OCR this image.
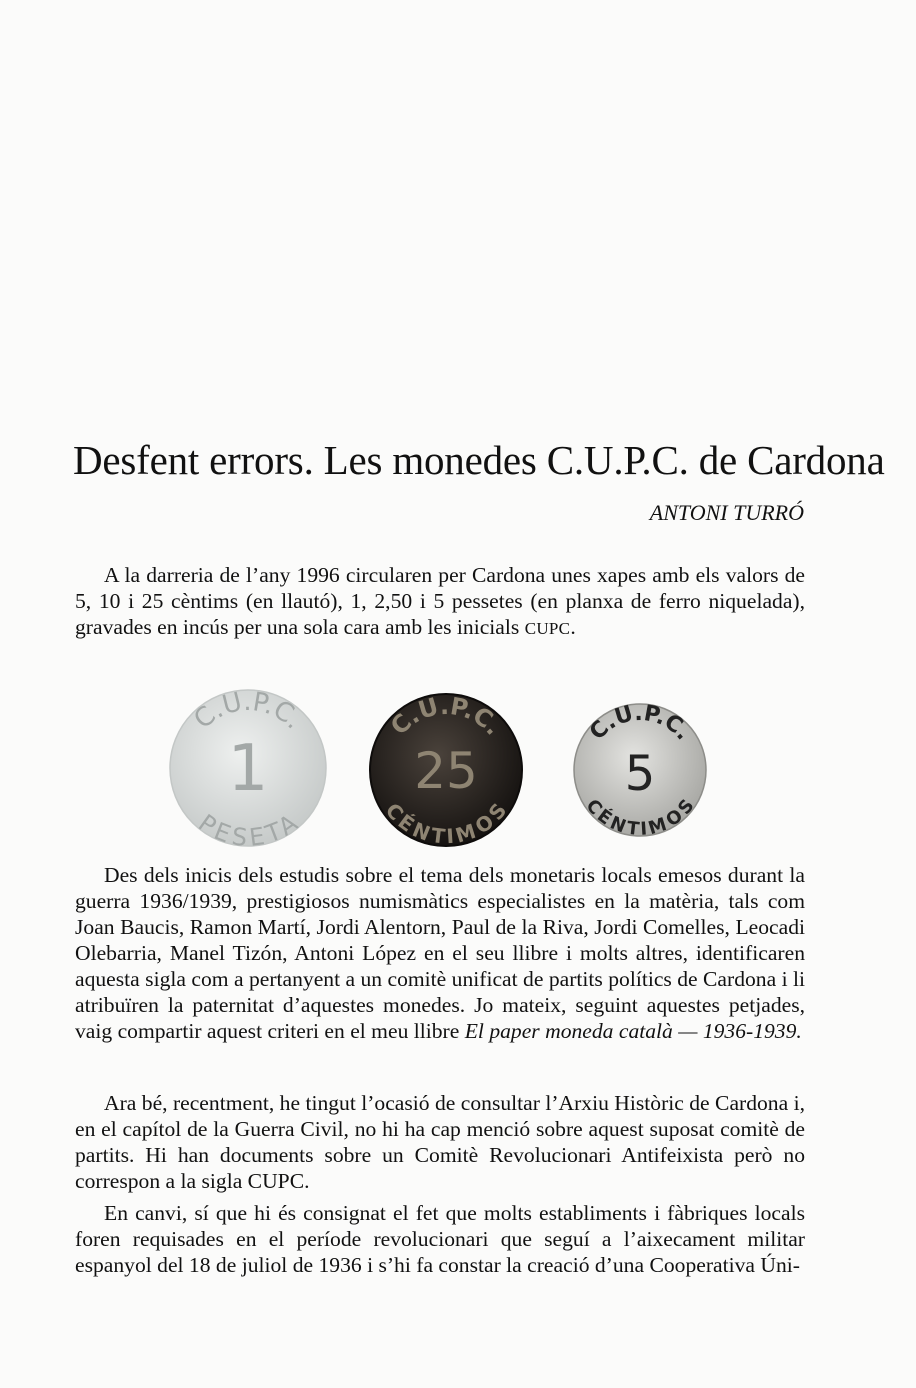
Desfent errors. Les monedes C.U.P.C. de Cardona
ANTONI TURRÓ

A la darreria de l’any 1996 circularen per Cardona unes xapes amb els valors de 5, 10 i 25 cèntims (en llautó), 1, 2,50 i 5 pessetes (en planxa de ferro niquelada), gravades en incús per una sola cara amb les inicials CUPC.

C.U.P.C.
1
PESETA
C.U.P.C.
25
CÉNTIMOS
C.U.P.C.
5
CÉNTIMOS

Des dels inicis dels estudis sobre el tema dels monetaris locals emesos durant la guerra 1936/1939, prestigiosos numismàtics especialistes en la matèria, tals com Joan Baucis, Ramon Martí, Jordi Alentorn, Paul de la Riva, Jordi Comelles, Leocadi Olebarria, Manel Tizón, Antoni López en el seu llibre i molts altres, identificaren aquesta sigla com a pertanyent a un comitè unificat de partits polítics de Cardona i li atribuïren la paternitat d’aquestes monedes. Jo mateix, seguint aquestes petjades, vaig compartir aquest criteri en el meu llibre El paper moneda català — 1936-1939.

Ara bé, recentment, he tingut l’ocasió de consultar l’Arxiu Històric de Cardona i, en el capítol de la Guerra Civil, no hi ha cap menció sobre aquest suposat comitè de partits. Hi han documents sobre un Comitè Revolucionari Antifeixista però no correspon a la sigla CUPC.

En canvi, sí que hi és consignat el fet que molts establiments i fàbriques locals foren requisades en el període revolucionari que seguí a l’aixecament militar espanyol del 18 de juliol de 1936 i s’hi fa constar la creació d’una Cooperativa Úni-
